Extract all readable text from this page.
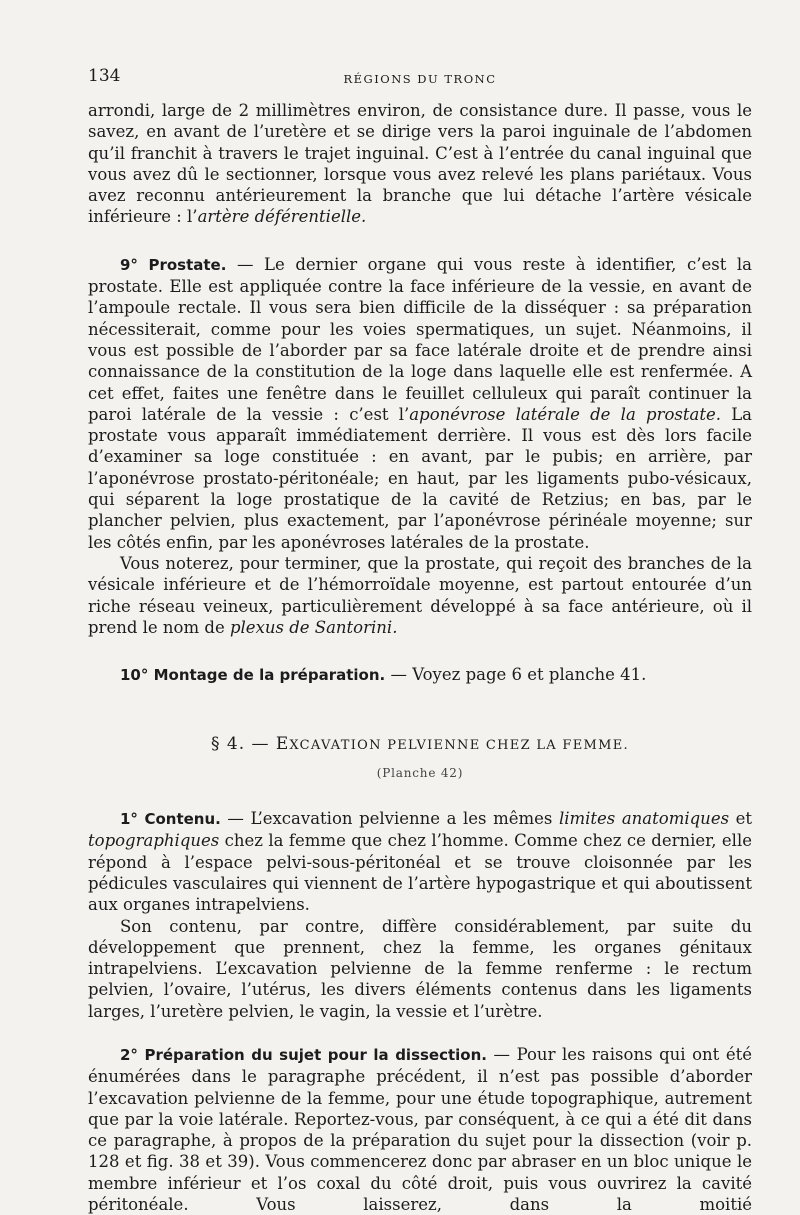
134	RÉGIONS DU TRONC

arrondi, large de 2 millimètres environ, de consistance dure. Il passe, vous le savez, en avant de l’uretère et se dirige vers la paroi inguinale de l’abdomen qu’il franchit à travers le trajet inguinal. C’est à l’entrée du canal inguinal que vous avez dû le sectionner, lorsque vous avez relevé les plans pariétaux. Vous avez reconnu antérieurement la branche que lui détache l’artère vésicale inférieure : l’artère déférentielle.

9° Prostate. — Le dernier organe qui vous reste à identifier, c’est la prostate. Elle est appliquée contre la face inférieure de la vessie, en avant de l’ampoule rectale. Il vous sera bien difficile de la disséquer : sa préparation nécessiterait, comme pour les voies spermatiques, un sujet. Néanmoins, il vous est possible de l’aborder par sa face latérale droite et de prendre ainsi connaissance de la constitution de la loge dans laquelle elle est renfermée. A cet effet, faites une fenêtre dans le feuillet celluleux qui paraît continuer la paroi latérale de la vessie : c’est l’aponévrose latérale de la prostate. La prostate vous apparaît immédiatement derrière. Il vous est dès lors facile d’examiner sa loge constituée : en avant, par le pubis; en arrière, par l’aponévrose prostato-péritonéale; en haut, par les ligaments pubo-vésicaux, qui séparent la loge prostatique de la cavité de Retzius; en bas, par le plancher pelvien, plus exactement, par l’aponévrose périnéale moyenne; sur les côtés enfin, par les aponévroses latérales de la prostate.

Vous noterez, pour terminer, que la prostate, qui reçoit des branches de la vésicale inférieure et de l’hémorroïdale moyenne, est partout entourée d’un riche réseau veineux, particulièrement développé à sa face antérieure, où il prend le nom de plexus de Santorini.

10° Montage de la préparation. — Voyez page 6 et planche 41.

§ 4. — EXCAVATION PELVIENNE CHEZ LA FEMME.
(Planche 42)

1° Contenu. — L’excavation pelvienne a les mêmes limites anatomiques et topographiques chez la femme que chez l’homme. Comme chez ce dernier, elle répond à l’espace pelvi-sous-péritonéal et se trouve cloisonnée par les pédicules vasculaires qui viennent de l’artère hypogastrique et qui aboutissent aux organes intrapelviens.

Son contenu, par contre, diffère considérablement, par suite du développement que prennent, chez la femme, les organes génitaux intrapelviens. L’excavation pelvienne de la femme renferme : le rectum pelvien, l’ovaire, l’utérus, les divers éléments contenus dans les ligaments larges, l’uretère pelvien, le vagin, la vessie et l’urètre.

2° Préparation du sujet pour la dissection. — Pour les raisons qui ont été énumérées dans le paragraphe précédent, il n’est pas possible d’aborder l’excavation pelvienne de la femme, pour une étude topographique, autrement que par la voie latérale. Reportez-vous, par conséquent, à ce qui a été dit dans ce paragraphe, à propos de la préparation du sujet pour la dissection (voir p. 128 et fig. 38 et 39). Vous commencerez donc par abraser en un bloc unique le membre inférieur et l’os coxal du côté droit, puis vous ouvrirez la cavité péritonéale. Vous laisserez, dans la moitié
